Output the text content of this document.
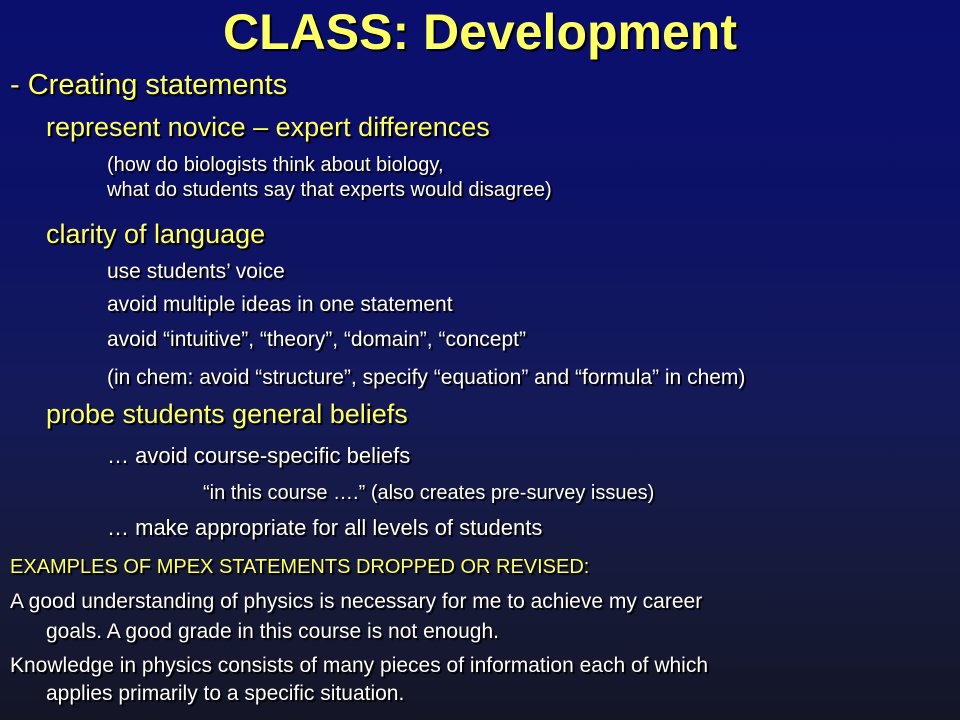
CLASS: Development
- Creating statements
represent novice – expert differences
(how do biologists think about biology,
what do students say that experts would disagree)
clarity of language
use students’ voice
avoid multiple ideas in one statement
avoid “intuitive”, “theory”, “domain”, “concept”
(in chem: avoid “structure”, specify “equation” and “formula” in chem)
probe students general beliefs
… avoid course-specific beliefs
“in this course ….” (also creates pre-survey issues)
… make appropriate for all levels of students
EXAMPLES OF MPEX STATEMENTS DROPPED OR REVISED:
A good understanding of physics is necessary for me to achieve my career
goals. A good grade in this course is not enough.
Knowledge in physics consists of many pieces of information each of which
applies primarily to a specific situation.
